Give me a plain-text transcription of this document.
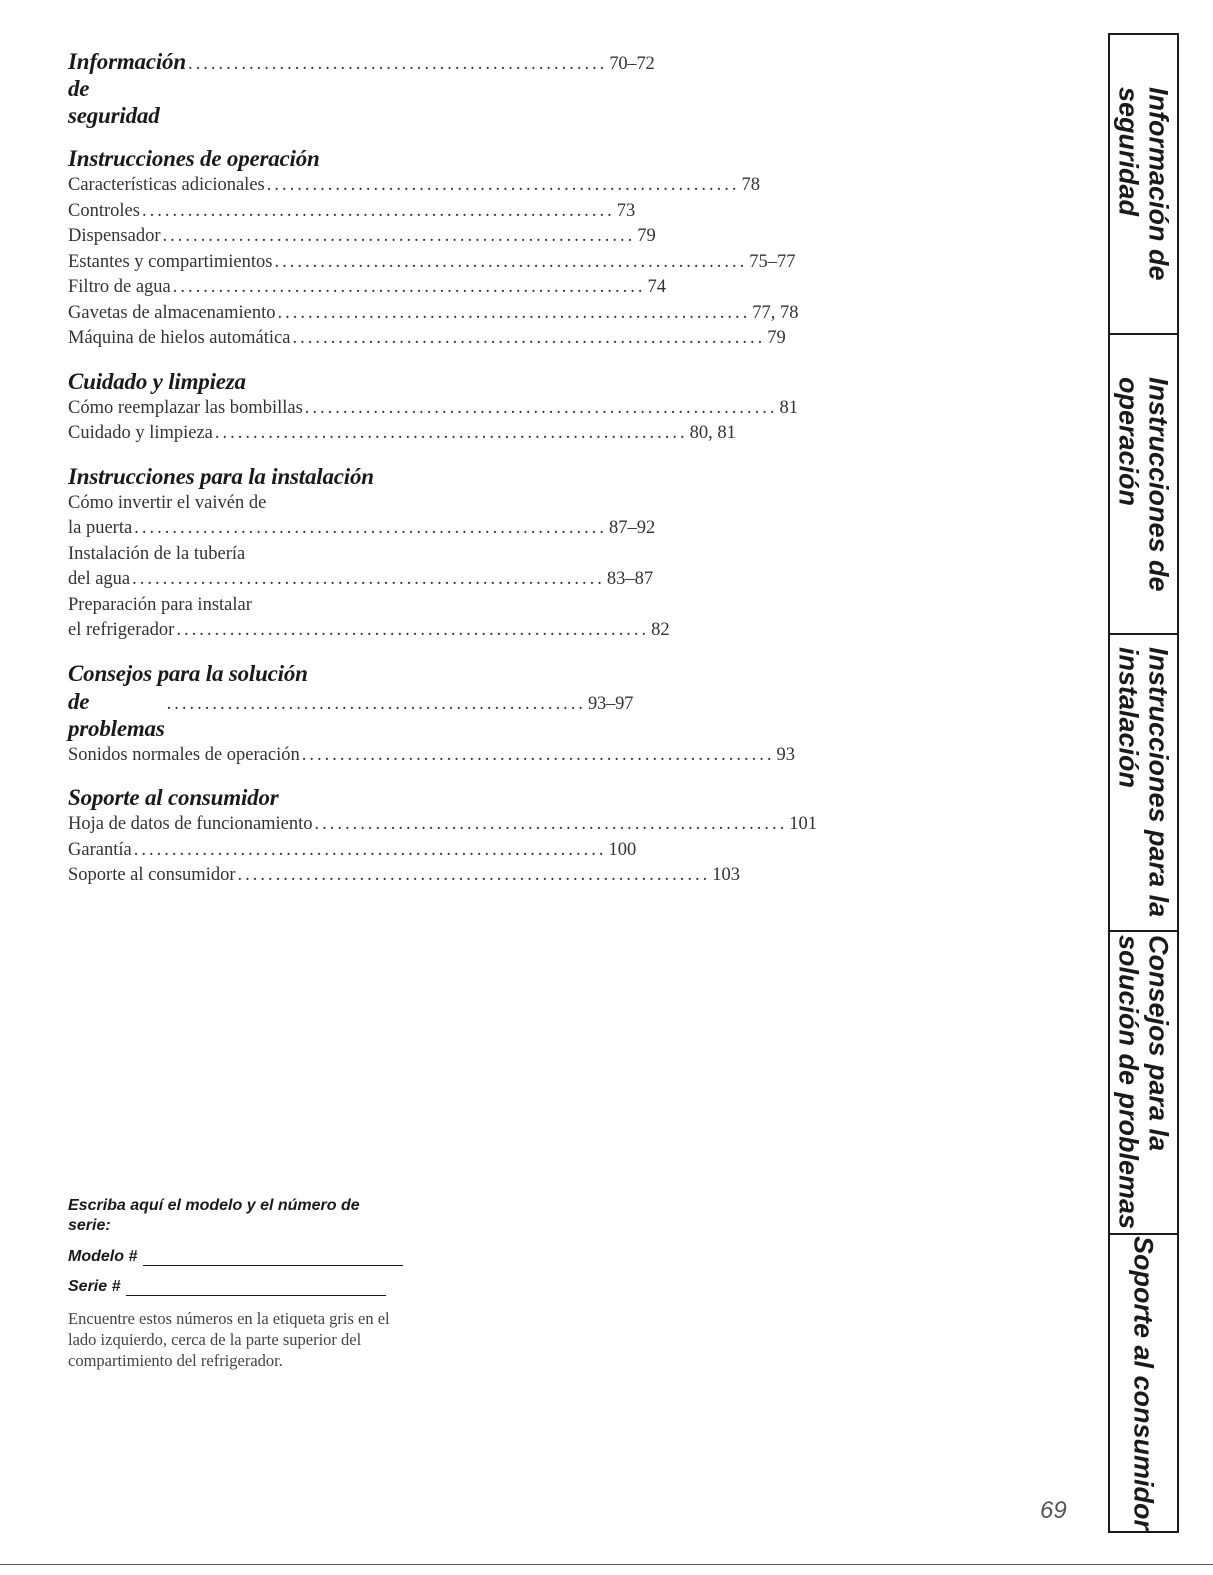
Información de seguridad
....................................................... 70–72
Instrucciones de operación
Características adicionales .............................................................. 78
Controles .............................................................. 73
Dispensador .............................................................. 79
Estantes y compartimientos .............................................................. 75–77
Filtro de agua .............................................................. 74
Gavetas de almacenamiento .............................................................. 77, 78
Máquina de hielos automática .............................................................. 79
Cuidado y limpieza
Cómo reemplazar las bombillas .............................................................. 81
Cuidado y limpieza .............................................................. 80, 81
Instrucciones para la instalación
Cómo invertir el vaivén de
la puerta .............................................................. 87–92
Instalación de la tubería
del agua .............................................................. 83–87
Preparación para instalar
el refrigerador .............................................................. 82
Consejos para la solución
de problemas
....................................................... 93–97
Sonidos normales de operación .............................................................. 93
Soporte al consumidor
Hoja de datos de funcionamiento .............................................................. 101
Garantía .............................................................. 100
Soporte al consumidor .............................................................. 103
Escriba aquí el modelo y el número de serie:
Modelo #
Serie #
Encuentre estos números en la etiqueta gris en el lado izquierdo, cerca de la parte superior del compartimiento del refrigerador.
69
Información de
seguridad
Instrucciones de
operación
Instrucciones para la
instalación
Consejos para la
solución de problemas
Soporte al consumidor
